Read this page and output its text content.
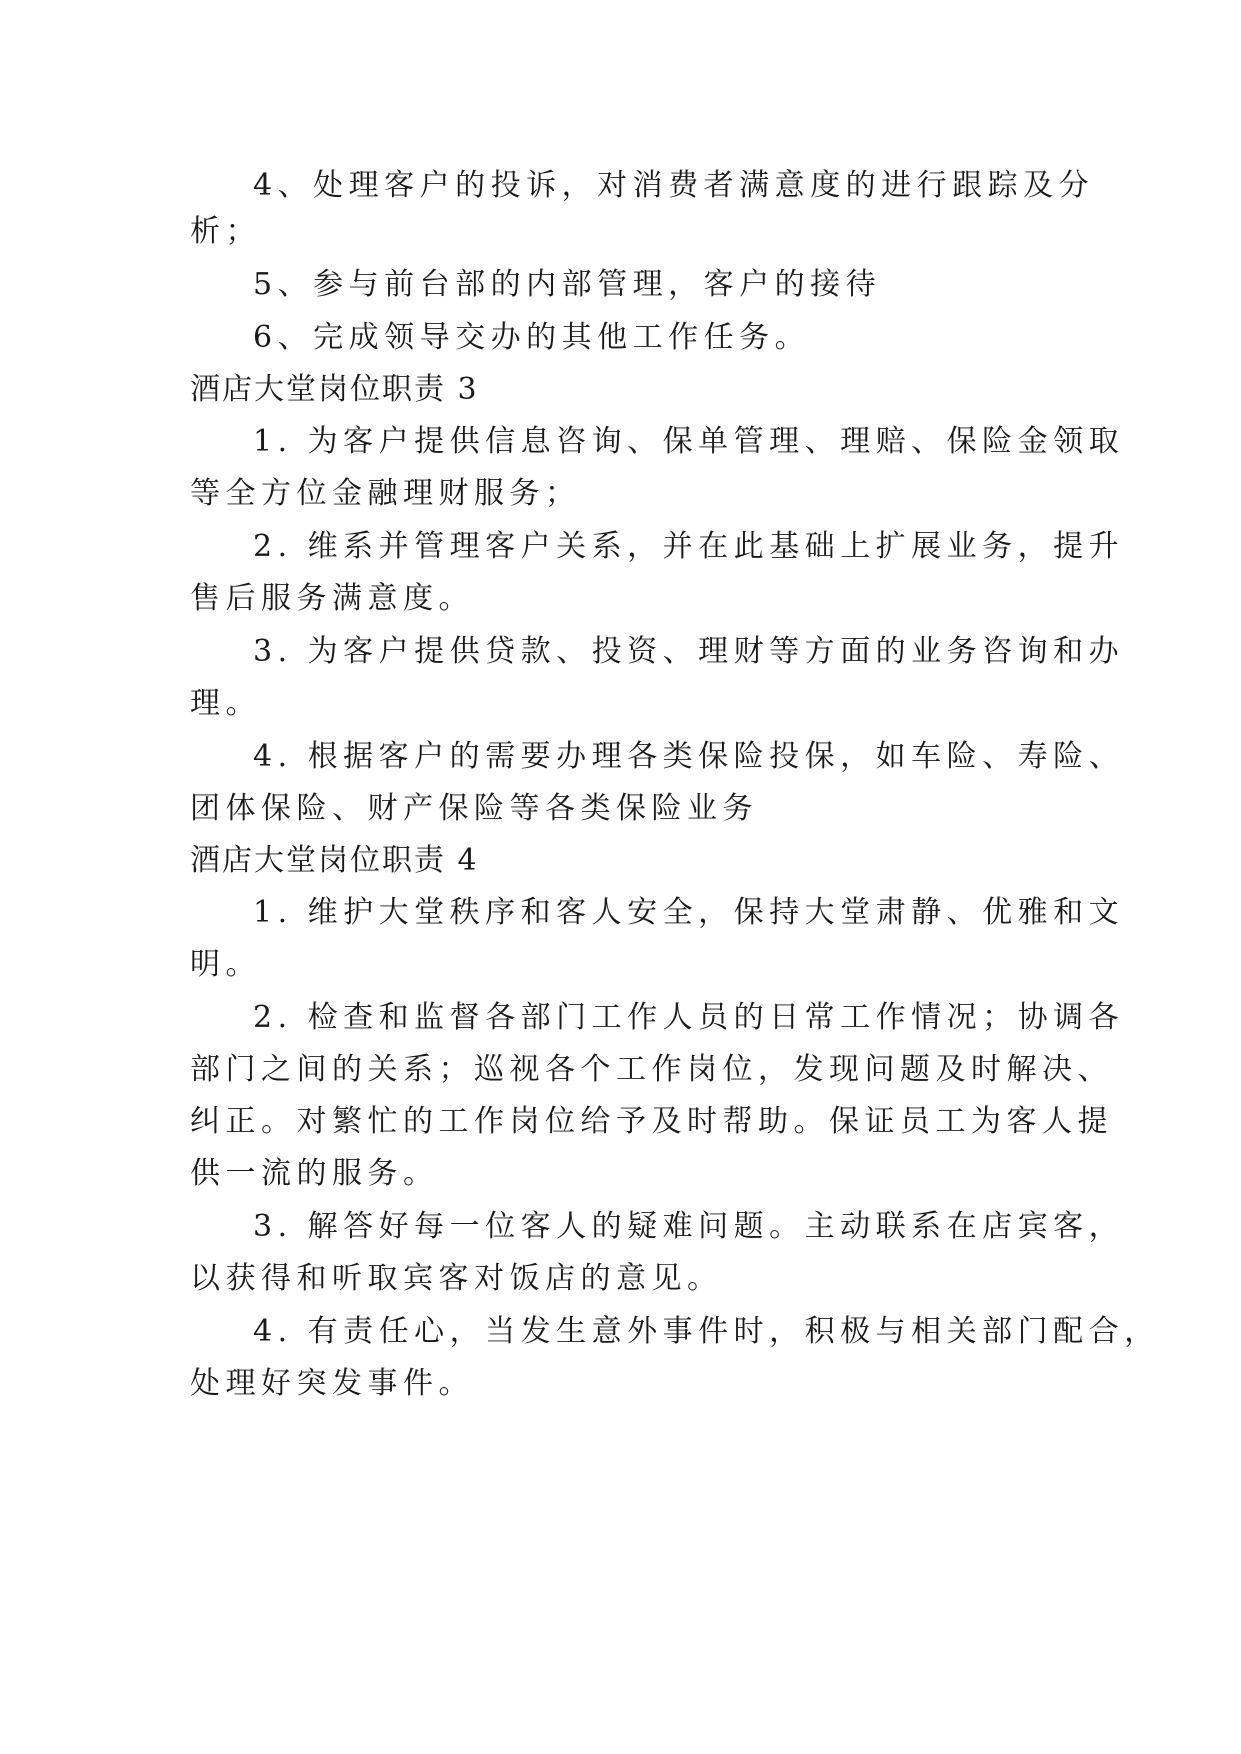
4、处理客户的投诉，对消费者满意度的进行跟踪及分
析；
5、参与前台部的内部管理，客户的接待
6、完成领导交办的其他工作任务。
酒店大堂岗位职责 3
1. 为客户提供信息咨询、保单管理、理赔、保险金领取
等全方位金融理财服务；
2. 维系并管理客户关系，并在此基础上扩展业务，提升
售后服务满意度。
3. 为客户提供贷款、投资、理财等方面的业务咨询和办
理。
4. 根据客户的需要办理各类保险投保，如车险、寿险、
团体保险、财产保险等各类保险业务
酒店大堂岗位职责 4
1. 维护大堂秩序和客人安全，保持大堂肃静、优雅和文
明。
2. 检查和监督各部门工作人员的日常工作情况；协调各
部门之间的关系；巡视各个工作岗位，发现问题及时解决、
纠正。对繁忙的工作岗位给予及时帮助。保证员工为客人提
供一流的服务。
3. 解答好每一位客人的疑难问题。主动联系在店宾客，
以获得和听取宾客对饭店的意见。
4. 有责任心，当发生意外事件时，积极与相关部门配合，
处理好突发事件。
